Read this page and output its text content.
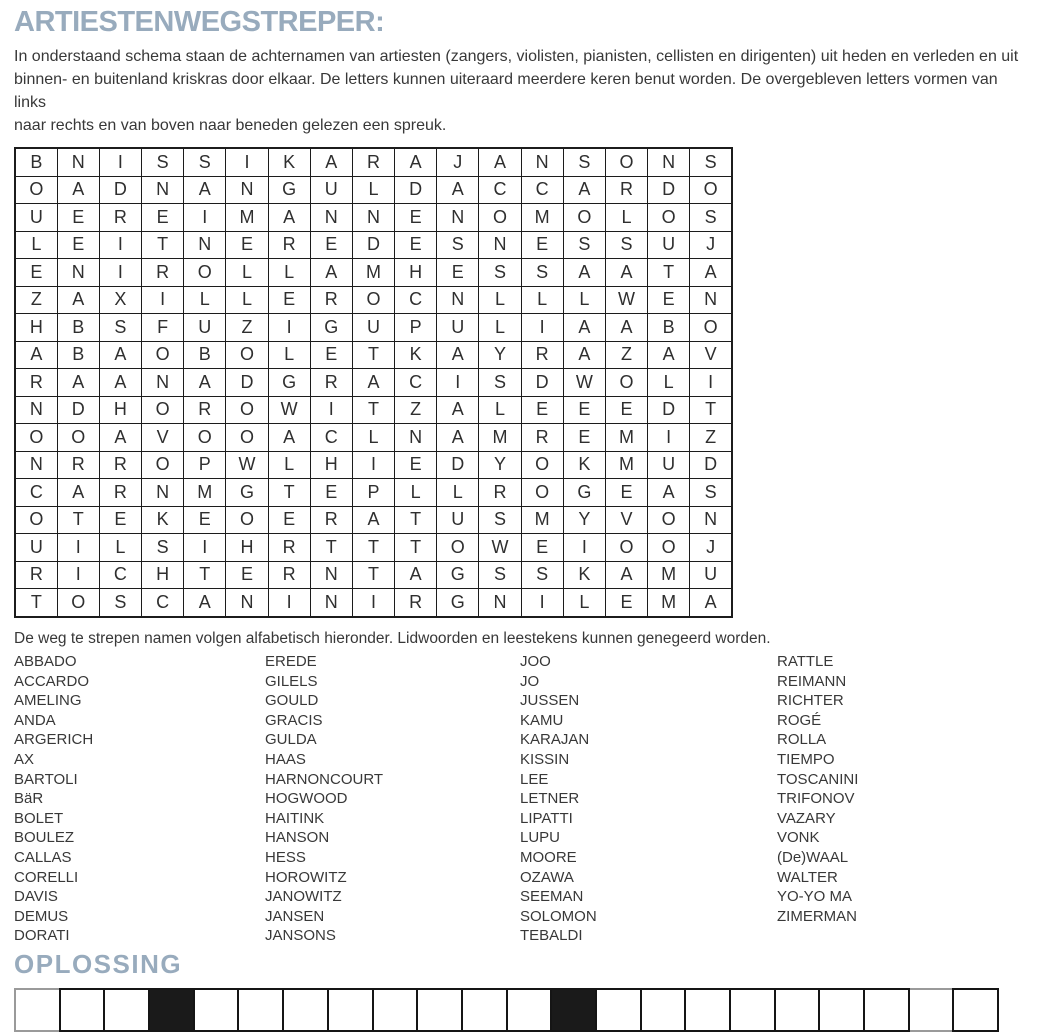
ARTIESTENWEGSTREPER:
In onderstaand schema staan de achternamen van artiesten (zangers, violisten, pianisten, cellisten en dirigenten) uit heden en verleden en uit
binnen- en buitenland kriskras door elkaar. De letters kunnen uiteraard meerdere keren benut worden. De overgebleven letters vormen van links
naar rechts en van boven naar beneden gelezen een spreuk.
B	N	I	S	S	I	K	A	R	A	J	A	N	S	O	N	S
O	A	D	N	A	N	G	U	L	D	A	C	C	A	R	D	O
U	E	R	E	I	M	A	N	N	E	N	O	M	O	L	O	S
L	E	I	T	N	E	R	E	D	E	S	N	E	S	S	U	J
E	N	I	R	O	L	L	A	M	H	E	S	S	A	A	T	A
Z	A	X	I	L	L	E	R	O	C	N	L	L	L	W	E	N
H	B	S	F	U	Z	I	G	U	P	U	L	I	A	A	B	O
A	B	A	O	B	O	L	E	T	K	A	Y	R	A	Z	A	V
R	A	A	N	A	D	G	R	A	C	I	S	D	W	O	L	I
N	D	H	O	R	O	W	I	T	Z	A	L	E	E	E	D	T
O	O	A	V	O	O	A	C	L	N	A	M	R	E	M	I	Z
N	R	R	O	P	W	L	H	I	E	D	Y	O	K	M	U	D
C	A	R	N	M	G	T	E	P	L	L	R	O	G	E	A	S
O	T	E	K	E	O	E	R	A	T	U	S	M	Y	V	O	N
U	I	L	S	I	H	R	T	T	T	O	W	E	I	O	O	J
R	I	C	H	T	E	R	N	T	A	G	S	S	K	A	M	U
T	O	S	C	A	N	I	N	I	R	G	N	I	L	E	M	A

De weg te strepen namen volgen alfabetisch hieronder. Lidwoorden en leestekens kunnen genegeerd worden.

ABBADO
ACCARDO
AMELING
ANDA
ARGERICH
AX
BARTOLI
BäR
BOLET
BOULEZ
CALLAS
CORELLI
DAVIS
DEMUS
DORATI
EREDE
GILELS
GOULD
GRACIS
GULDA
HAAS
HARNONCOURT
HOGWOOD
HAITINK
HANSON
HESS
HOROWITZ
JANOWITZ
JANSEN
JANSONS
JOO
JO
JUSSEN
KAMU
KARAJAN
KISSIN
LEE
LETNER
LIPATTI
LUPU
MOORE
OZAWA
SEEMAN
SOLOMON
TEBALDI
RATTLE
REIMANN
RICHTER
ROGÉ
ROLLA
TIEMPO
TOSCANINI
TRIFONOV
VAZARY
VONK
(De)WAAL
WALTER
YO-YO MA
ZIMERMAN
OPLOSSING
